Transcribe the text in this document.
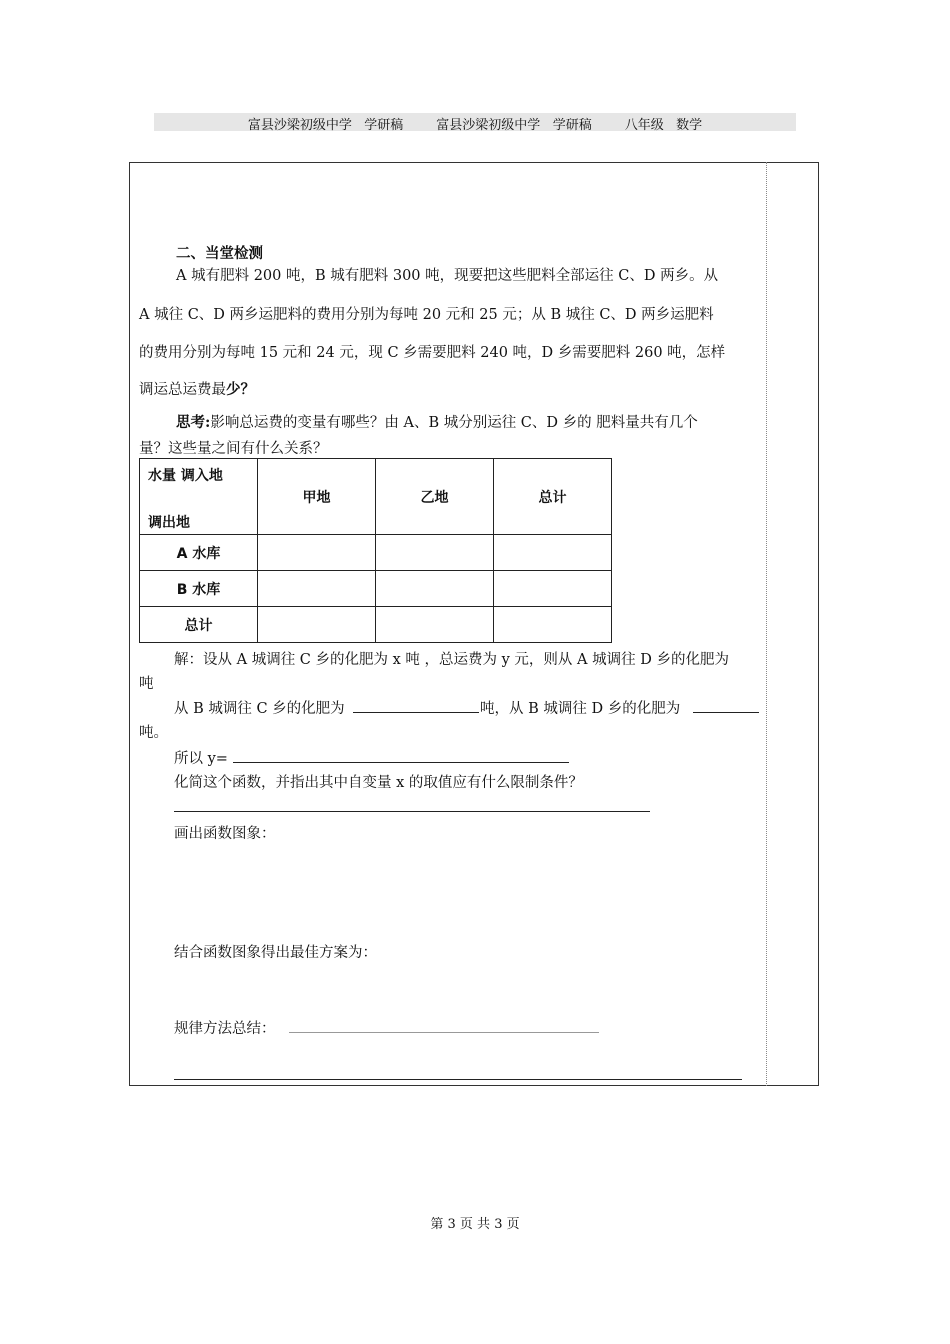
富县沙梁初级中学   学研稿        富县沙梁初级中学   学研稿        八年级   数学
二、当堂检测
A 城有肥料 200 吨，B 城有肥料 300 吨，现要把这些肥料全部运往 C、D 两乡。从
A 城往 C、D 两乡运肥料的费用分别为每吨 20 元和 25 元；从 B 城往 C、D 两乡运肥料
的费用分别为每吨 15 元和 24 元，现 C 乡需要肥料 240 吨，D 乡需要肥料 260 吨，怎样
调运总运费最少？
思考:影响总运费的变量有哪些？由 A、B 城分别运往 C、D 乡的 肥料量共有几个
量？这些量之间有什么关系？
水量 调入地
调出地	甲地	乙地	总计
A 水库			
B 水库			
总计			
解：设从 A 城调往 C 乡的化肥为 x 吨 ，总运费为 y 元，则从 A 城调往 D 乡的化肥为
吨
从 B 城调往 C 乡的化肥为	吨，从 B 城调往 D 乡的化肥为
吨。
所以 y=
化简这个函数，并指出其中自变量 x 的取值应有什么限制条件？
画出函数图象：
结合函数图象得出最佳方案为：
规律方法总结：
第 3 页 共 3 页
